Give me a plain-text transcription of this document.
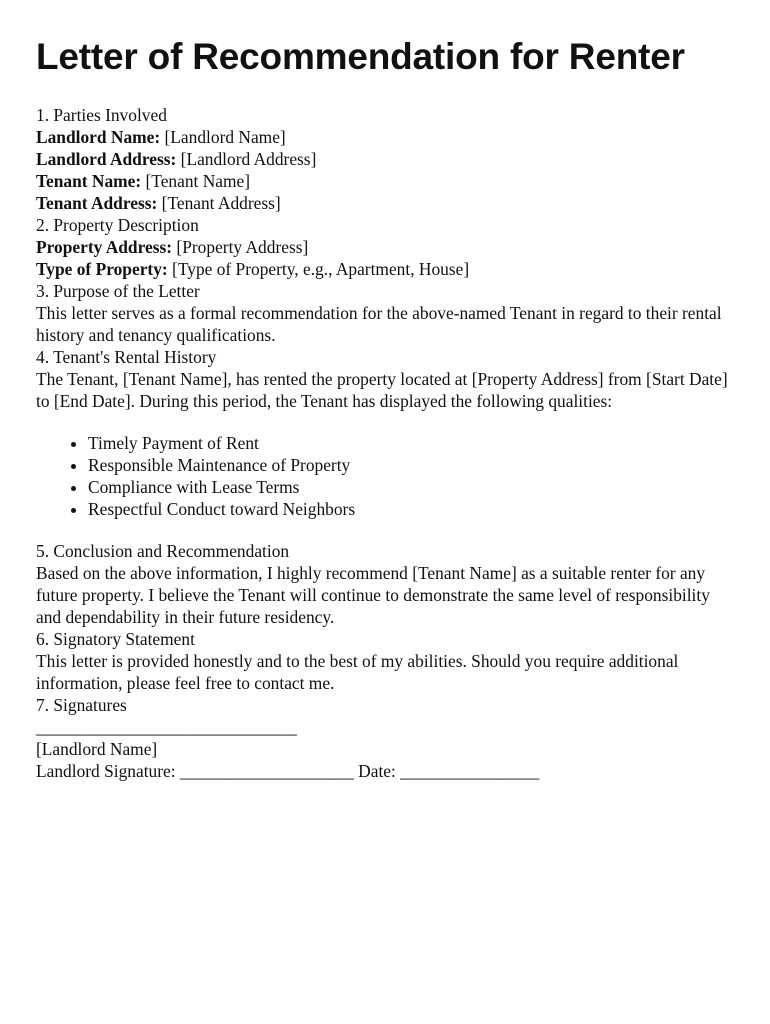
Letter of Recommendation for Renter

1. Parties Involved

Landlord Name: [Landlord Name]

Landlord Address: [Landlord Address]

Tenant Name: [Tenant Name]

Tenant Address: [Tenant Address]

2. Property Description

Property Address: [Property Address]

Type of Property: [Type of Property, e.g., Apartment, House]

3. Purpose of the Letter

This letter serves as a formal recommendation for the above-named Tenant in regard to their rental history and tenancy qualifications.

4. Tenant's Rental History

The Tenant, [Tenant Name], has rented the property located at [Property Address] from [Start Date] to [End Date]. During this period, the Tenant has displayed the following qualities:

• Timely Payment of Rent
• Responsible Maintenance of Property
• Compliance with Lease Terms
• Respectful Conduct toward Neighbors

5. Conclusion and Recommendation

Based on the above information, I highly recommend [Tenant Name] as a suitable renter for any future property. I believe the Tenant will continue to demonstrate the same level of responsibility and dependability in their future residency.

6. Signatory Statement

This letter is provided honestly and to the best of my abilities. Should you require additional information, please feel free to contact me.

7. Signatures

______________________________

[Landlord Name]

Landlord Signature: ____________________ Date: ________________
